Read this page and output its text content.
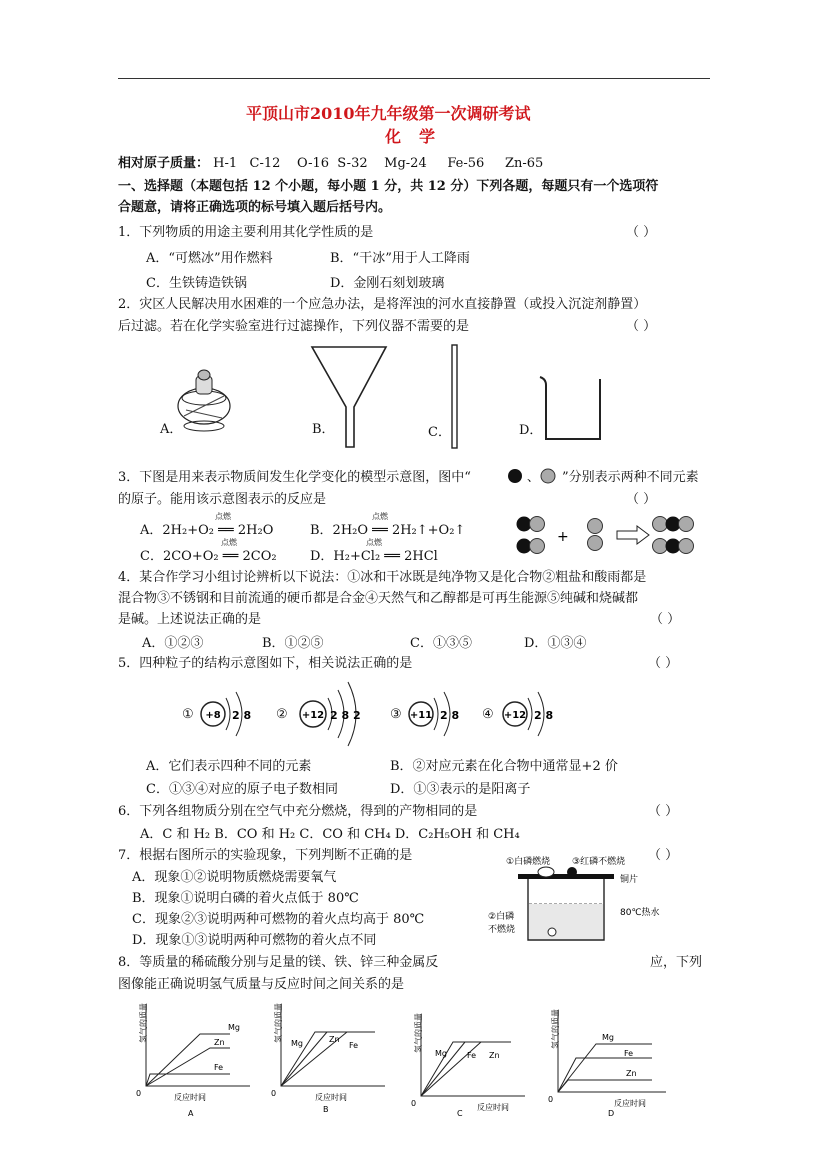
平顶山市2010年九年级第一次调研考试
化学
相对原子质量： H-1   C-12    O-16  S-32    Mg-24     Fe-56     Zn-65
一、选择题（本题包括 12 个小题，每小题 1 分，共 12 分）下列各题，每题只有一个选项符
合题意，请将正确选项的标号填入题后括号内。
1．下列物质的用途主要利用其化学性质的是	（ ）
A．“可燃冰”用作燃料	B．“干冰”用于人工降雨
C．生铁铸造铁锅	D．金刚石刻划玻璃
2．灾区人民解决用水困难的一个应急办法，是将浑浊的河水直接静置（或投入沉淀剂静置）
后过滤。若在化学实验室进行过滤操作，下列仪器不需要的是	（ ）
A．	B．	C．	D．
3．下图是用来表示物质间发生化学变化的模型示意图，图中“	、 ”分别表示两种不同元素
的原子。能用该示意图表示的反应是	（ ）
A．2H₂+O₂ ══ 2H₂O	B．2H₂O ══ 2H₂↑+O₂↑
C．2CO+O₂ ══ 2CO₂	D．H₂+Cl₂ ══ 2HCl
点燃	点燃
点燃	点燃	+
4．某合作学习小组讨论辨析以下说法：①冰和干冰既是纯净物又是化合物②粗盐和酸雨都是
混合物③不锈钢和目前流通的硬币都是合金④天然气和乙醇都是可再生能源⑤纯碱和烧碱都
是碱。上述说法正确的是	（ ）
A．①②③	B．①②⑤	C．①③⑤	D．①③④
5．四种粒子的结构示意图如下，相关说法正确的是	（ ）
①	②	③	④
+8 2 8	+12 2 8 2	+11 2 8	+12 2 8
A．它们表示四种不同的元素	B．②对应元素在化合物中通常显+2 价
C．①③④对应的原子电子数相同	D．①③表示的是阳离子
6．下列各组物质分别在空气中充分燃烧，得到的产物相同的是	（ ）
A．C 和 H₂ B．CO 和 H₂ C．CO 和 CH₄ D．C₂H₅OH 和 CH₄
7．根据右图所示的实验现象，下列判断不正确的是	（ ）
A．现象①②说明物质燃烧需要氧气
B．现象①说明白磷的着火点低于 80℃
C．现象②③说明两种可燃物的着火点均高于 80℃
D．现象①③说明两种可燃物的着火点不同
①白磷燃烧 ③红磷不燃烧
铜片
80℃热水
②白磷
不燃烧
8．等质量的稀硫酸分别与足量的镁、铁、锌三种金属反	应，下列
图像能正确说明氢气质量与反应时间之间关系的是
氢气的质量
0	反应时间
Mg
Zn
Fe
A
氢气的质量
0	反应时间
Mg	Zn
Fe
B
氢气的质量
0	反应时间
Mg	Fe Zn
C
氢气的质量
0	反应时间
Mg
Fe
Zn
D
